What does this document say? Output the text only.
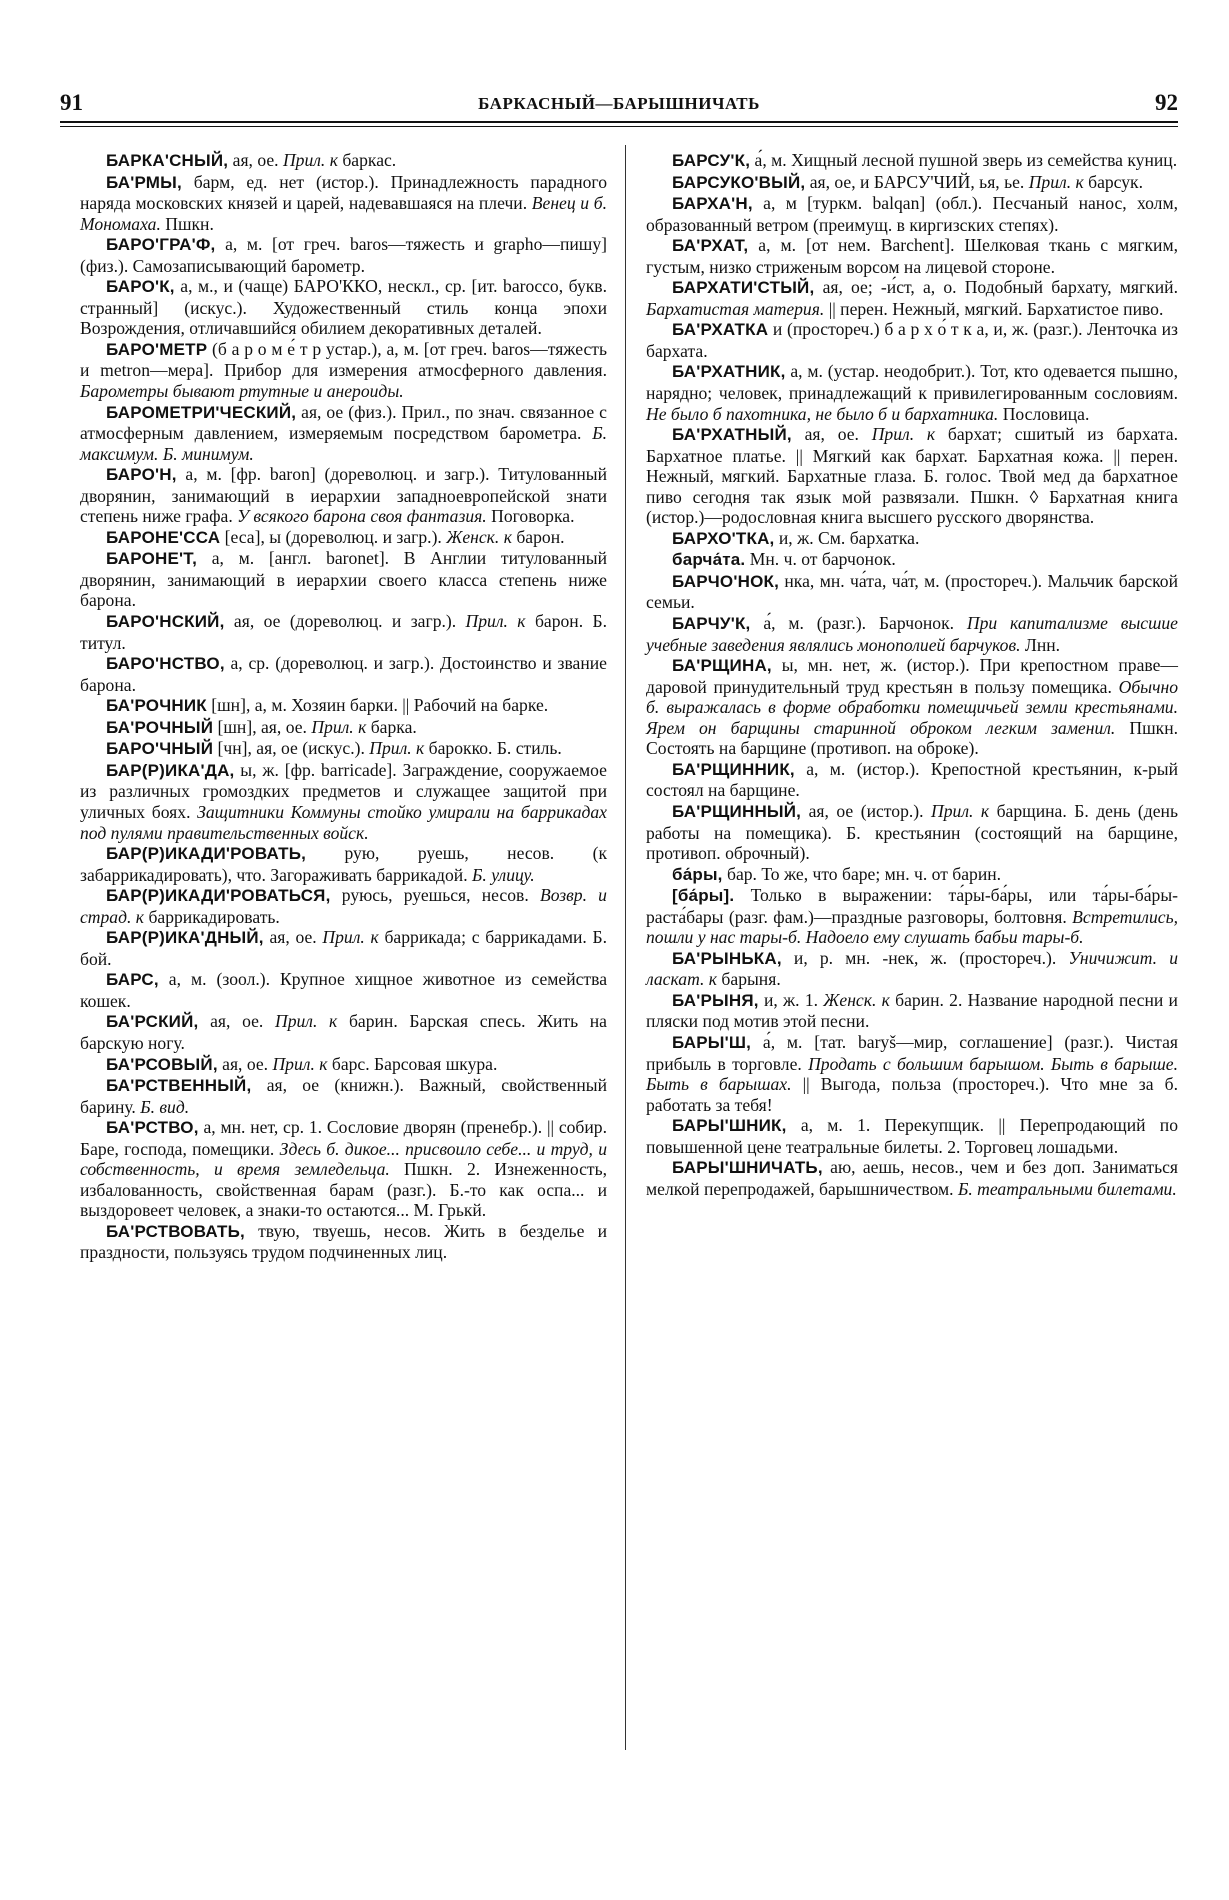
91	БАРКАСНЫЙ—БАРЫШНИЧАТЬ	92

БАРКА'СНЫЙ, ая, ое. Прил. к баркас.

БА'РМЫ, барм, ед. нет (истор.). Принадлежность парадного наряда московских князей и царей, надевавшаяся на плечи. Венец и б. Мономаха. Пшкн.

БАРО'ГРА'Ф, а, м. [от греч. baros—тяжесть и grapho—пишу] (физ.). Самозаписывающий барометр.

БАРО'К, а, м., и (чаще) БАРО'ККО, нескл., ср. [ит. barocco, букв. странный] (искус.). Художественный стиль конца эпохи Возрождения, отличавшийся обилием декоративных деталей.

БАРО'МЕТР (б а р о м е́ т р устар.), а, м. [от греч. baros—тяжесть и metron—мера]. Прибор для измерения атмосферного давления. Барометры бывают ртутные и анероиды.

БАРОМЕТРИ'ЧЕСКИЙ, ая, ое (физ.). Прил., по знач. связанное с атмосферным давлением, измеряемым посредством барометра. Б. максимум. Б. минимум.

БАРО'Н, а, м. [фр. baron] (дореволюц. и загр.). Титулованный дворянин, занимающий в иерархии западноевропейской знати степень ниже графа. У всякого барона своя фантазия. Поговорка.

БАРОНЕ'ССА [еса], ы (дореволюц. и загр.). Женск. к барон.

БАРОНЕ'Т, а, м. [англ. baronet]. В Англии титулованный дворянин, занимающий в иерархии своего класса степень ниже барона.

БАРО'НСКИЙ, ая, ое (дореволюц. и загр.). Прил. к барон. Б. титул.

БАРО'НСТВО, а, ср. (дореволюц. и загр.). Достоинство и звание барона.

БА'РОЧНИК [шн], а, м. Хозяин барки. || Рабочий на барке.

БА'РОЧНЫЙ [шн], ая, ое. Прил. к барка.

БАРО'ЧНЫЙ [чн], ая, ое (искус.). Прил. к барокко. Б. стиль.

БАР(Р)ИКА'ДА, ы, ж. [фр. barricade]. Заграждение, сооружаемое из различных громоздких предметов и служащее защитой при уличных боях. Защитники Коммуны стойко умирали на баррикадах под пулями правительственных войск.

БАР(Р)ИКАДИ'РОВАТЬ, рую, руешь, несов. (к забаррикадировать), что. Загораживать баррикадой. Б. улицу.

БАР(Р)ИКАДИ'РОВАТЬСЯ, руюсь, руешься, несов. Возвр. и страд. к баррикадировать.

БАР(Р)ИКА'ДНЫЙ, ая, ое. Прил. к баррикада; с баррикадами. Б. бой.

БАРС, а, м. (зоол.). Крупное хищное животное из семейства кошек.

БА'РСКИЙ, ая, ое. Прил. к барин. Барская спесь. Жить на барскую ногу.

БА'РСОВЫЙ, ая, ое. Прил. к барс. Барсовая шкура.

БА'РСТВЕННЫЙ, ая, ое (книжн.). Важный, свойственный барину. Б. вид.

БА'РСТВО, а, мн. нет, ср. 1. Сословие дворян (пренебр.). || собир. Баре, господа, помещики. Здесь б. дикое... присвоило себе... и труд, и собственность, и время земледельца. Пшкн. 2. Изнеженность, избалованность, свойственная барам (разг.). Б.-то как оспа... и выздоровеет человек, а знаки-то остаются... М. Грькй.

БА'РСТВОВАТЬ, твую, твуешь, несов. Жить в безделье и праздности, пользуясь трудом подчиненных лиц.

БАРСУ'К, а́, м. Хищный лесной пушной зверь из семейства куниц.

БАРСУКО'ВЫЙ, ая, ое, и БАРСУ'ЧИЙ, ья, ье. Прил. к барсук.

БАРХА'Н, а, м [туркм. balqan] (обл.). Песчаный нанос, холм, образованный ветром (преимущ. в киргизских степях).

БА'РХАТ, а, м. [от нем. Barchent]. Шелковая ткань с мягким, густым, низко стриженым ворсом на лицевой стороне.

БАРХАТИ'СТЫЙ, ая, ое; -и́ст, а, о. Подобный бархату, мягкий. Бархатистая материя. || перен. Нежный, мягкий. Бархатистое пиво.

БА'РХАТКА и (простореч.) б а р х о́ т к а, и, ж. (разг.). Ленточка из бархата.

БА'РХАТНИК, а, м. (устар. неодобрит.). Тот, кто одевается пышно, нарядно; человек, принадлежащий к привилегированным сословиям. Не было б пахотника, не было б и бархатника. Пословица.

БА'РХАТНЫЙ, ая, ое. Прил. к бархат; сшитый из бархата. Бархатное платье. || Мягкий как бархат. Бархатная кожа. || перен. Нежный, мягкий. Бархатные глаза. Б. голос. Твой мед да бархатное пиво сегодня так язык мой развязали. Пшкн. ◊ Бархатная книга (истор.)—родословная книга высшего русского дворянства.

БАРХО'ТКА, и, ж. См. бархатка.

барча́та. Мн. ч. от барчонок.

БАРЧО'НОК, нка, мн. ча́та, ча́т, м. (простореч.). Мальчик барской семьи.

БАРЧУ'К, а́, м. (разг.). Барчонок. При капитализме высшие учебные заведения являлись монополией барчуков. Лнн.

БА'РЩИНА, ы, мн. нет, ж. (истор.). При крепостном праве—даровой принудительный труд крестьян в пользу помещика. Обычно б. выражалась в форме обработки помещичьей земли крестьянами. Ярем он барщины старинной оброком легким заменил. Пшкн. Состоять на барщине (противоп. на оброке).

БА'РЩИННИК, а, м. (истор.). Крепостной крестьянин, к-рый состоял на барщине.

БА'РЩИННЫЙ, ая, ое (истор.). Прил. к барщина. Б. день (день работы на помещика). Б. крестьянин (состоящий на барщине, противоп. оброчный).

ба́ры, бар. То же, что баре; мн. ч. от барин.

[ба́ры]. Только в выражении: та́ры-ба́ры, или та́ры-ба́ры-раста́бары (разг. фам.)—праздные разговоры, болтовня. Встретились, пошли у нас тары-б. Надоело ему слушать бабьи тары-б.

БА'РЫНЬКА, и, р. мн. -нек, ж. (простореч.). Уничижит. и ласкат. к барыня.

БА'РЫНЯ, и, ж. 1. Женск. к барин. 2. Название народной песни и пляски под мотив этой песни.

БАРЫ'Ш, а́, м. [тат. baryš—мир, соглашение] (разг.). Чистая прибыль в торговле. Продать с большим барышом. Быть в барыше. Быть в барышах. || Выгода, польза (простореч.). Что мне за б. работать за тебя!

БАРЫ'ШНИК, а, м. 1. Перекупщик. || Перепродающий по повышенной цене театральные билеты. 2. Торговец лошадьми.

БАРЫ'ШНИЧАТЬ, аю, аешь, несов., чем и без доп. Заниматься мелкой перепродажей, барышничеством. Б. театральными билетами.
